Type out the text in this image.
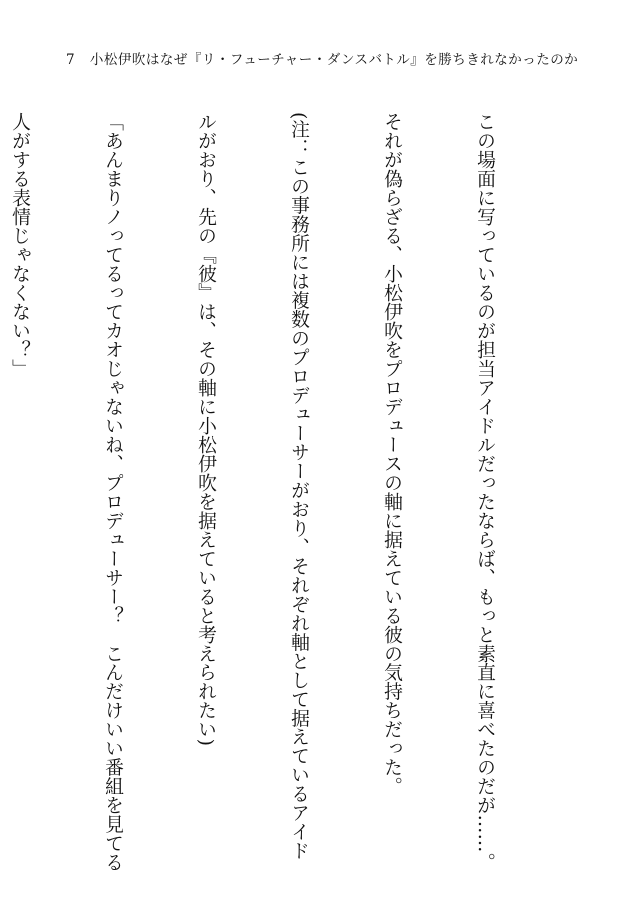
7 小松伊吹はなぜ『リ・フューチャー・ダンスバトル』を勝ちきれなかったのか

この場面に写っているのが担当アイドルだったならば、もっと素直に喜べたのだが……。

それが偽らざる、小松伊吹をプロデュースの軸に据えている彼の気持ちだった。

(注：この事務所には複数のプロデューサーがおり、それぞれ軸として据えているアイド

ルがおり、先の『彼』は、その軸に小松伊吹を据えていると考えられたい)

「あんまりノってるってカオじゃないね、プロデューサー？　こんだけいい番組を見てる

人がする表情じゃなくない？」
